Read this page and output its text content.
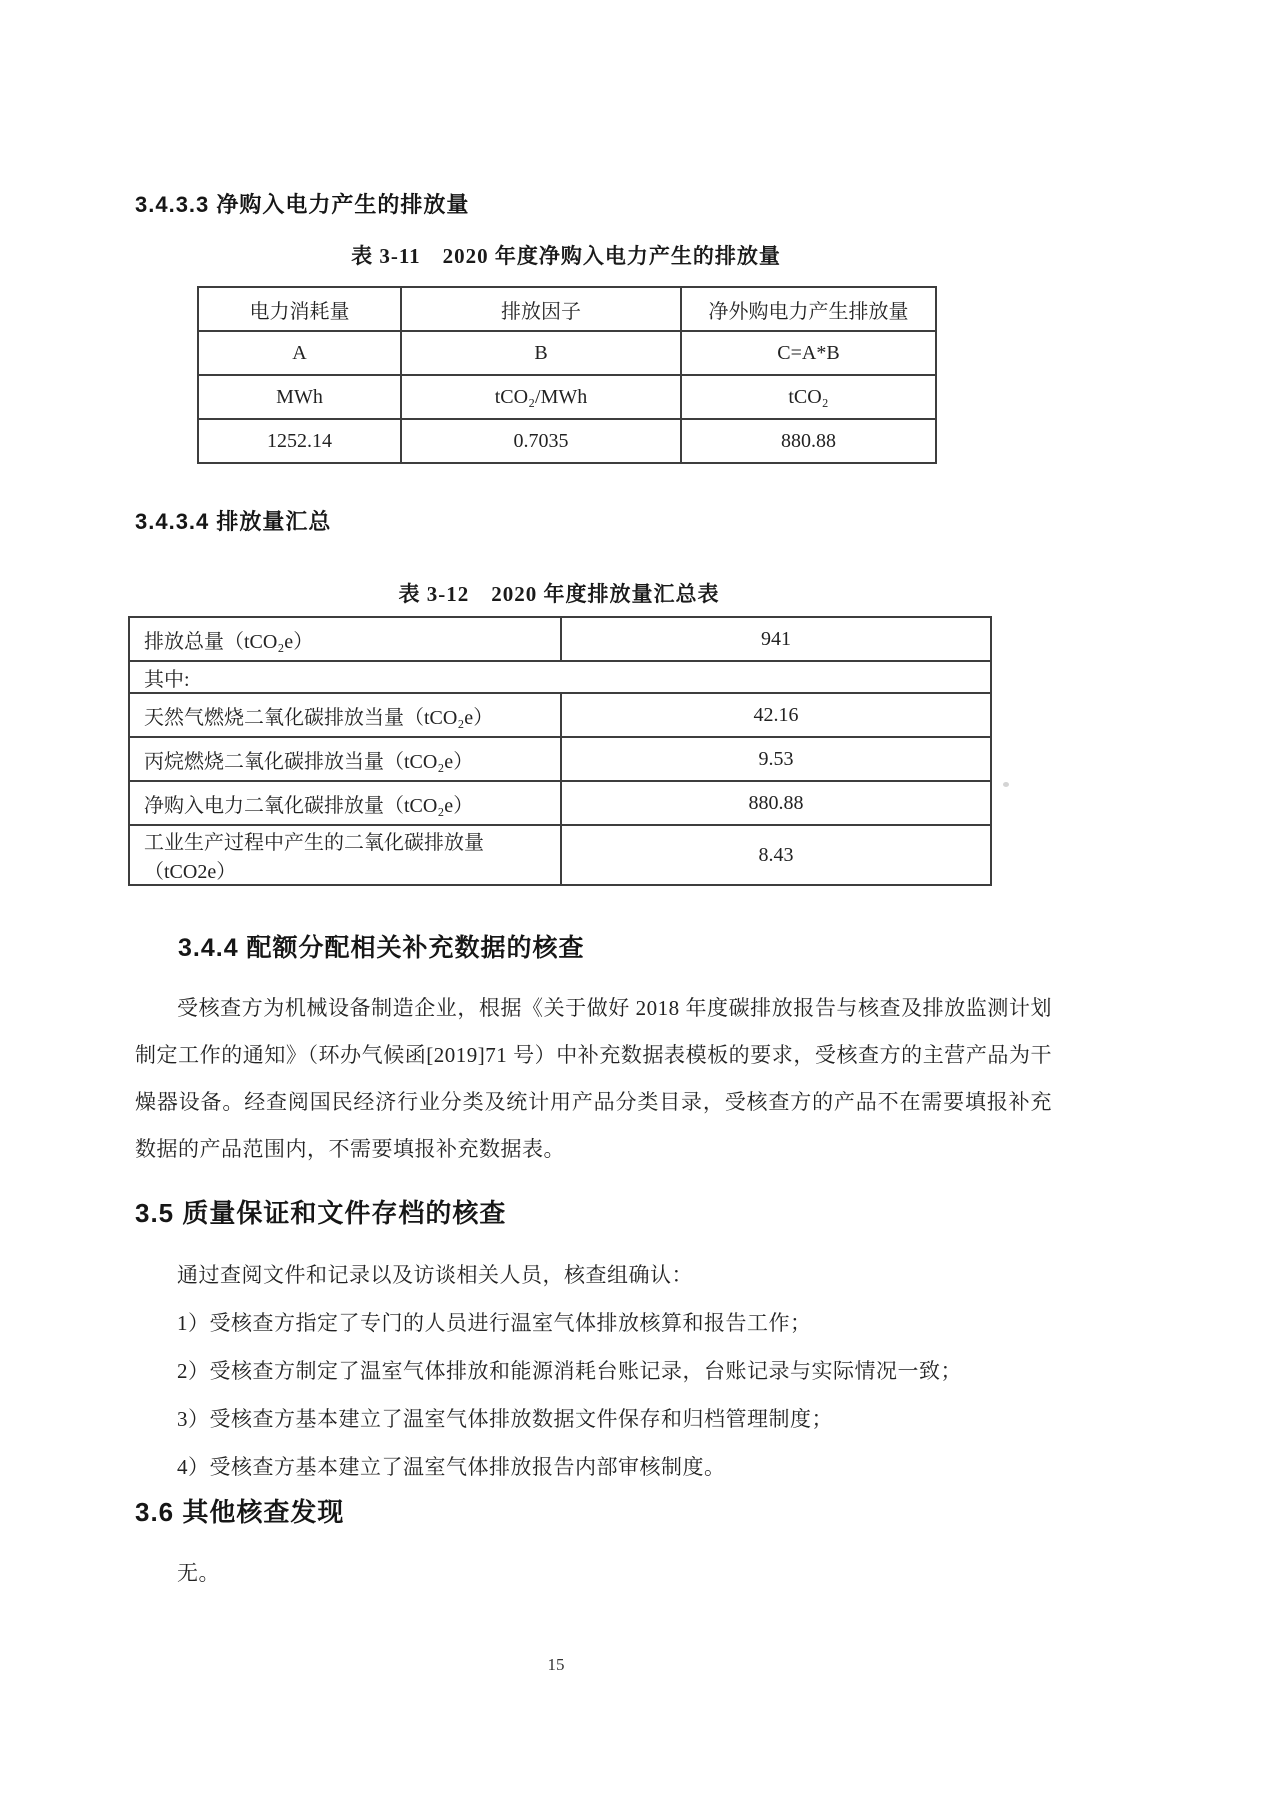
3.4.3.3 净购入电力产生的排放量
表 3-11　2020 年度净购入电力产生的排放量
电力消耗量	排放因子	净外购电力产生排放量
A	B	C=A*B
MWh	tCO₂/MWh	tCO₂
1252.14	0.7035	880.88
3.4.3.4 排放量汇总
表 3-12　2020 年度排放量汇总表
排放总量（tCO₂e）	941
其中:	
天然气燃烧二氧化碳排放当量（tCO₂e）	42.16
丙烷燃烧二氧化碳排放当量（tCO₂e）	9.53
净购入电力二氧化碳排放量（tCO₂e）	880.88
工业生产过程中产生的二氧化碳排放量（tCO2e）	8.43
3.4.4 配额分配相关补充数据的核查
受核查方为机械设备制造企业，根据《关于做好 2018 年度碳排放报告与核查及排放监测计划制定工作的通知》（环办气候函[2019]71 号）中补充数据表模板的要求，受核查方的主营产品为干燥器设备。经查阅国民经济行业分类及统计用产品分类目录，受核查方的产品不在需要填报补充数据的产品范围内，不需要填报补充数据表。
3.5 质量保证和文件存档的核查
通过查阅文件和记录以及访谈相关人员，核查组确认：
1）受核查方指定了专门的人员进行温室气体排放核算和报告工作；
2）受核查方制定了温室气体排放和能源消耗台账记录，台账记录与实际情况一致；
3）受核查方基本建立了温室气体排放数据文件保存和归档管理制度；
4）受核查方基本建立了温室气体排放报告内部审核制度。
3.6 其他核查发现
无。
15
